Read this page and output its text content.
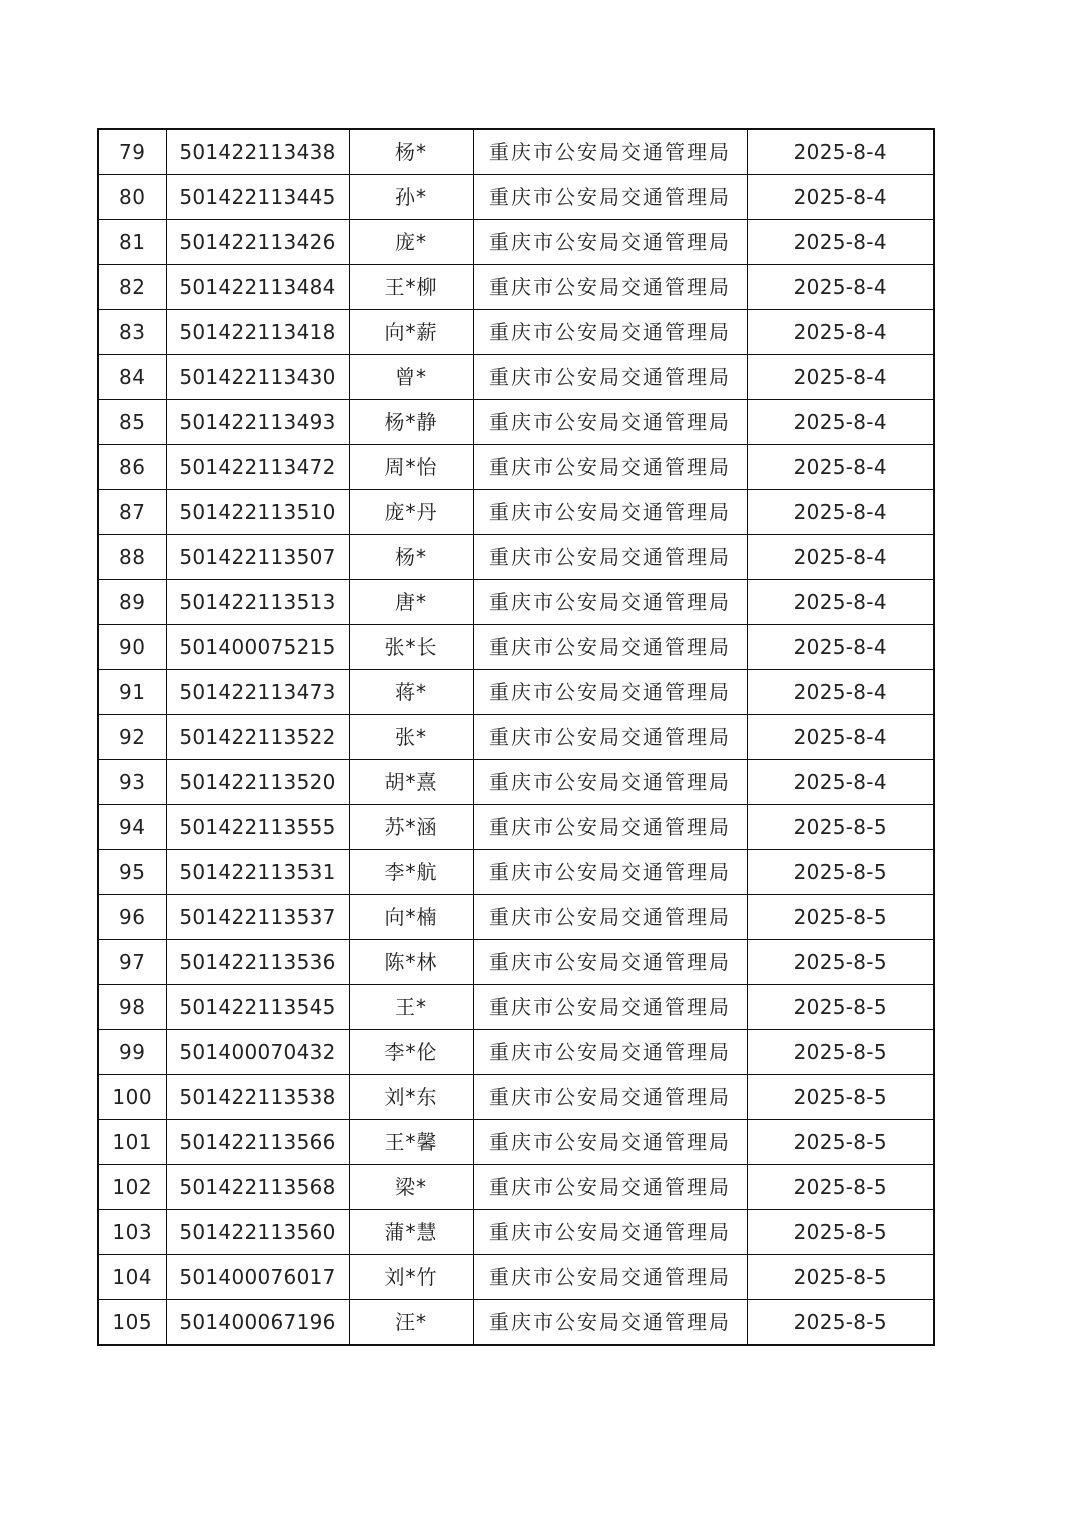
79	501422113438	杨*	重庆市公安局交通管理局	2025-8-4
80	501422113445	孙*	重庆市公安局交通管理局	2025-8-4
81	501422113426	庞*	重庆市公安局交通管理局	2025-8-4
82	501422113484	王*柳	重庆市公安局交通管理局	2025-8-4
83	501422113418	向*薪	重庆市公安局交通管理局	2025-8-4
84	501422113430	曾*	重庆市公安局交通管理局	2025-8-4
85	501422113493	杨*静	重庆市公安局交通管理局	2025-8-4
86	501422113472	周*怡	重庆市公安局交通管理局	2025-8-4
87	501422113510	庞*丹	重庆市公安局交通管理局	2025-8-4
88	501422113507	杨*	重庆市公安局交通管理局	2025-8-4
89	501422113513	唐*	重庆市公安局交通管理局	2025-8-4
90	501400075215	张*长	重庆市公安局交通管理局	2025-8-4
91	501422113473	蒋*	重庆市公安局交通管理局	2025-8-4
92	501422113522	张*	重庆市公安局交通管理局	2025-8-4
93	501422113520	胡*熹	重庆市公安局交通管理局	2025-8-4
94	501422113555	苏*涵	重庆市公安局交通管理局	2025-8-5
95	501422113531	李*航	重庆市公安局交通管理局	2025-8-5
96	501422113537	向*楠	重庆市公安局交通管理局	2025-8-5
97	501422113536	陈*林	重庆市公安局交通管理局	2025-8-5
98	501422113545	王*	重庆市公安局交通管理局	2025-8-5
99	501400070432	李*伦	重庆市公安局交通管理局	2025-8-5
100	501422113538	刘*东	重庆市公安局交通管理局	2025-8-5
101	501422113566	王*馨	重庆市公安局交通管理局	2025-8-5
102	501422113568	梁*	重庆市公安局交通管理局	2025-8-5
103	501422113560	蒲*慧	重庆市公安局交通管理局	2025-8-5
104	501400076017	刘*竹	重庆市公安局交通管理局	2025-8-5
105	501400067196	汪*	重庆市公安局交通管理局	2025-8-5
